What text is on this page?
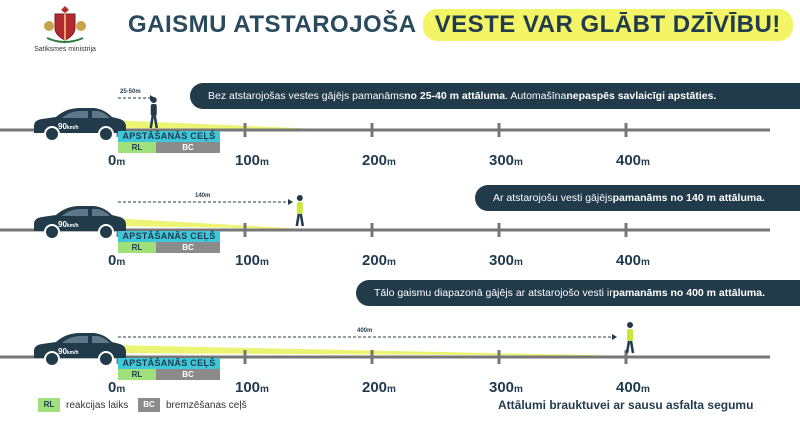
Satiksmes ministrija
GAISMU ATSTAROJOŠA VESTE VAR GLĀBT DZĪVĪBU!
Bez atstarojošas vestes gājējs pamanāms no 25-40 m attāluma . Automašīna nepaspēs savlaicīgi apstāties.
Ar atstarojošu vesti gājējs pamanāms no 140 m attāluma.
Tālo gaismu diapazonā gājējs ar atstarojošo vesti ir pamanāms no 400 m attāluma.
90km/h
0m	100m	200m	300m	400m
25-50m
APSTĀŠANĀS CEĻŠ
RL	BC
90km/h
0m	100m	200m	300m	400m
140m
APSTĀŠANĀS CEĻŠ
RL	BC
90km/h
0m	100m	200m	300m	400m
400m
APSTĀŠANĀS CEĻŠ
RL	BC
RL	reakcijas laiks	BC	bremzēšanas ceļš	Attālumi brauktuvei ar sausu asfalta segumu
